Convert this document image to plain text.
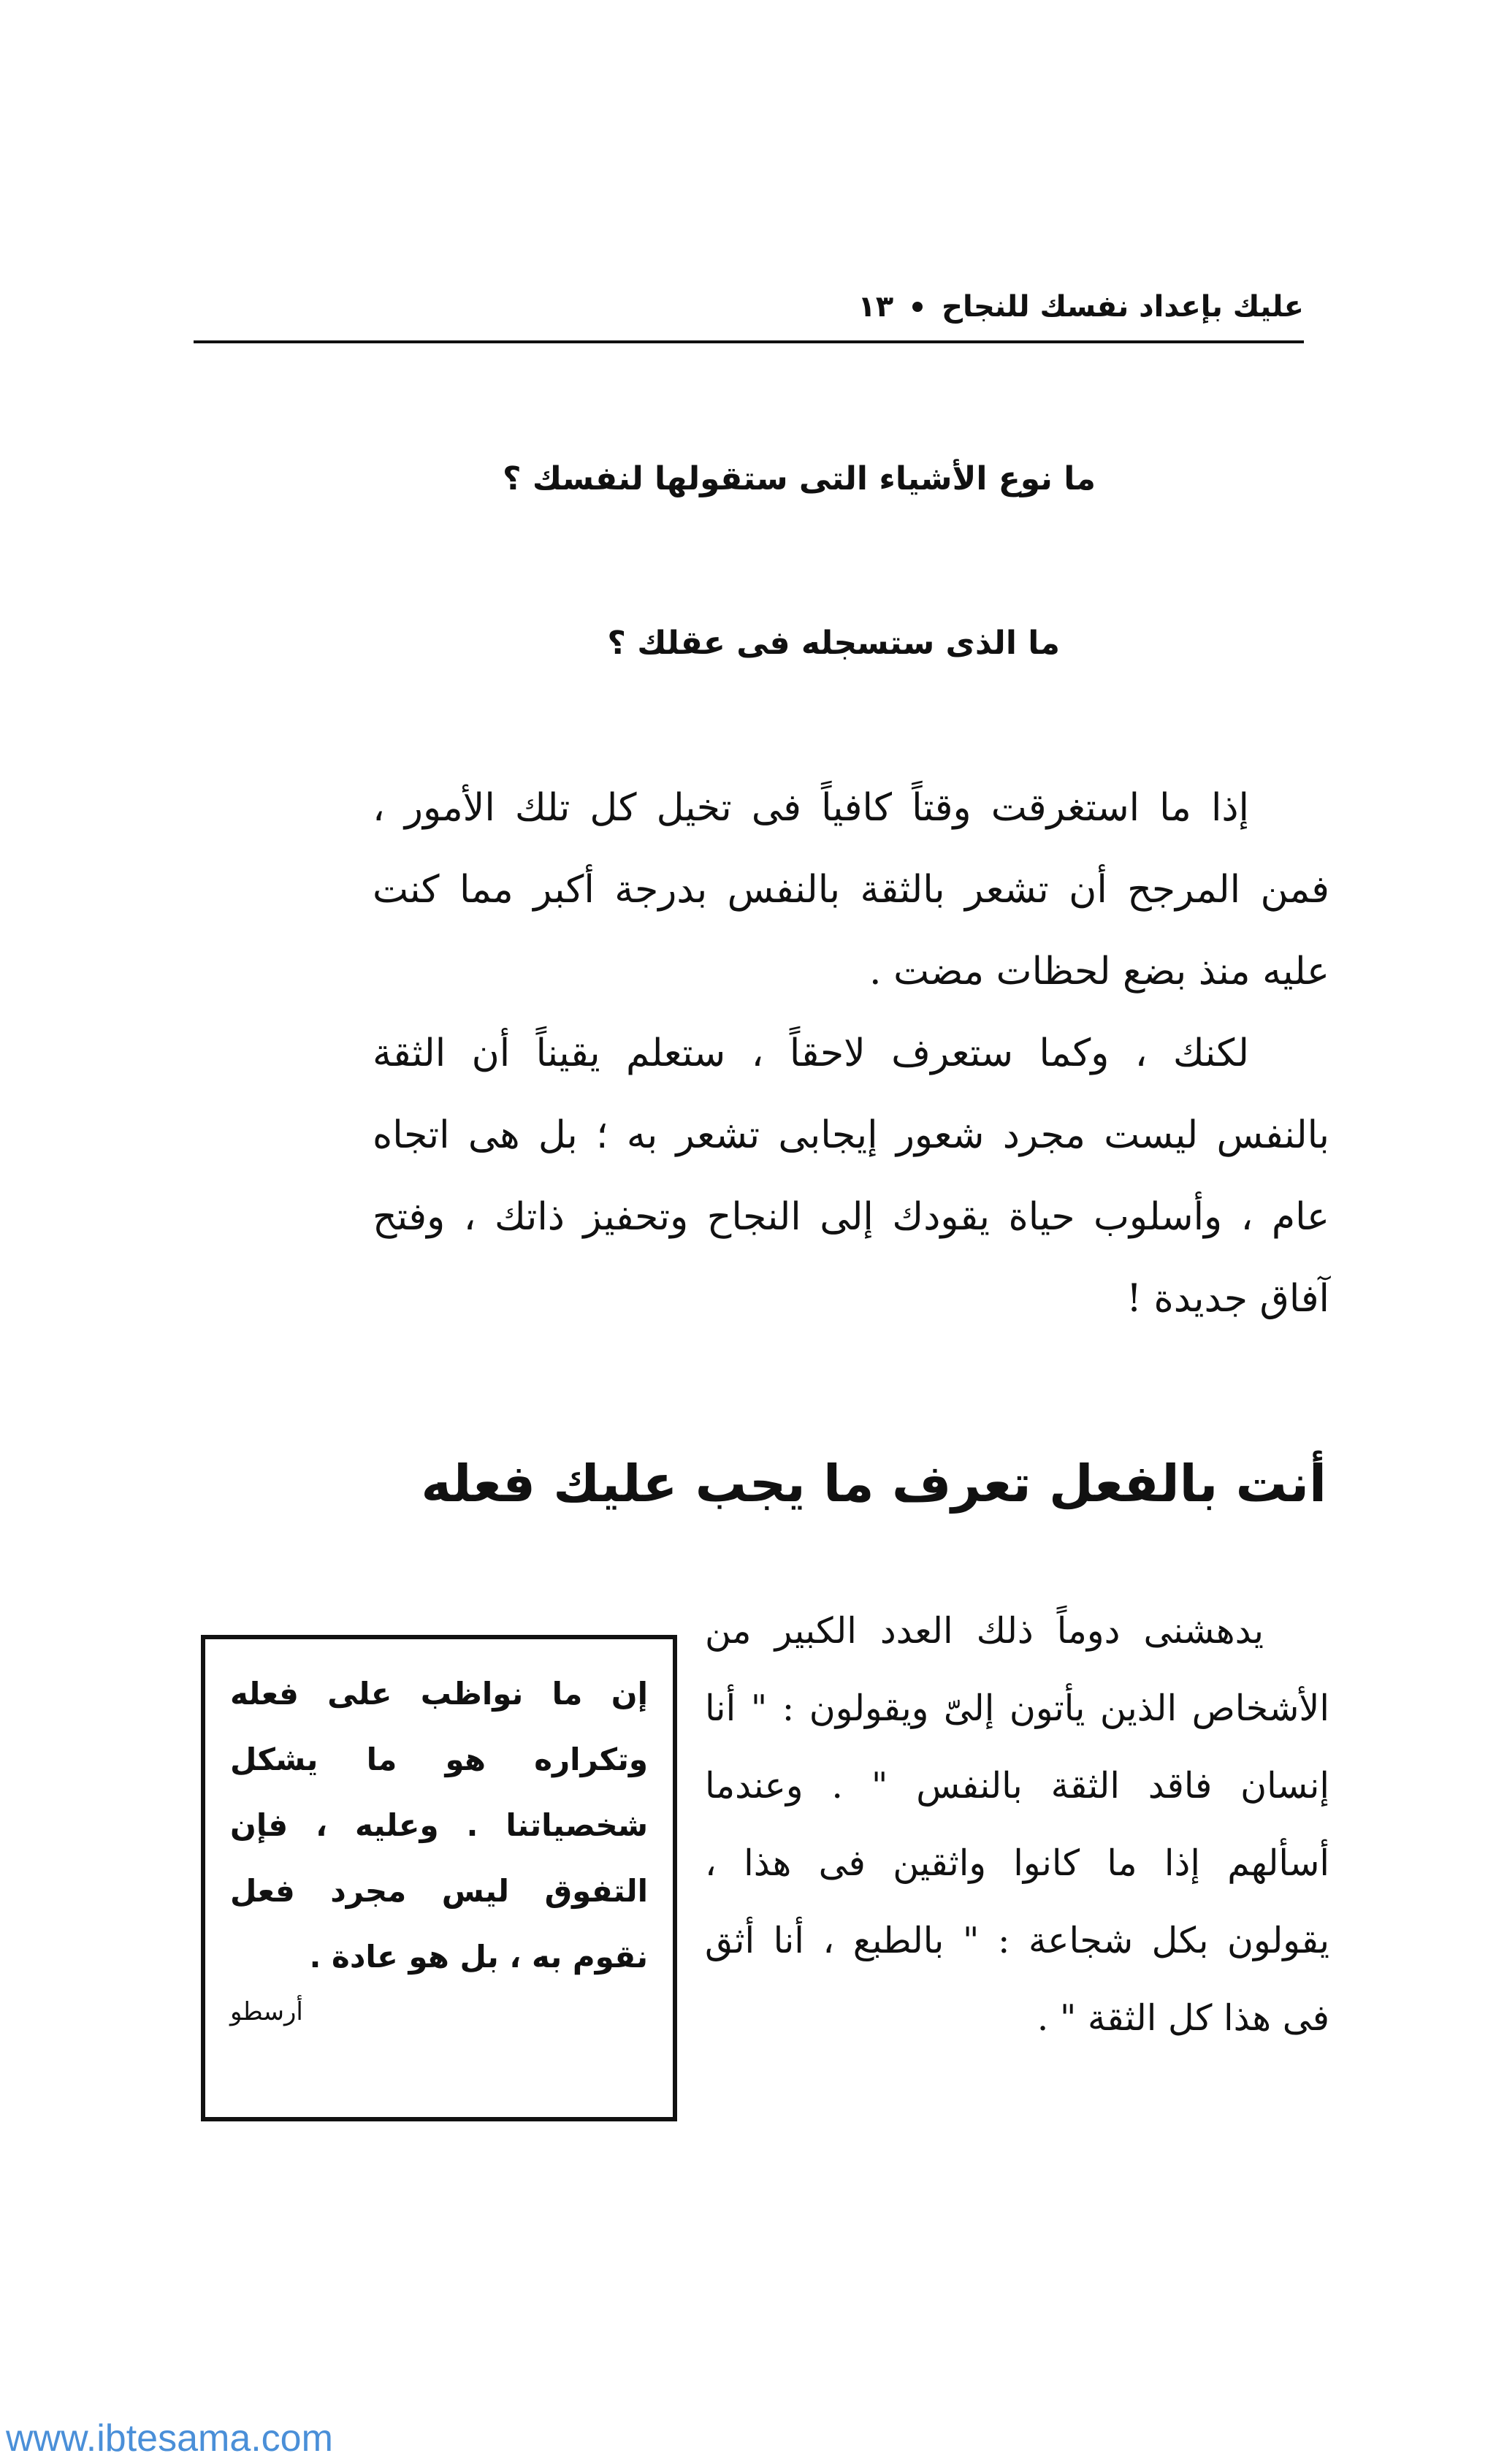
عليك بإعداد نفسك للنجاح
١٣
ما نوع الأشياء التى ستقولها لنفسك ؟
ما الذى ستسجله فى عقلك ؟

إذا ما استغرقت وقتاً كافياً فى تخيل كل تلك الأمور ، فمن المرجح أن تشعر بالثقة بالنفس بدرجة أكبر مما كنت عليه منذ بضع لحظات مضت .

لكنك ، وكما ستعرف لاحقاً ، ستعلم يقيناً أن الثقة بالنفس ليست مجرد شعور إيجابى تشعر به ؛ بل هى اتجاه عام ، وأسلوب حياة يقودك إلى النجاح وتحفيز ذاتك ، وفتح آفاق جديدة !

أنت بالفعل تعرف ما يجب عليك فعله

يدهشنى دوماً ذلك العدد الكبير من الأشخاص الذين يأتون إلىّ ويقولون : " أنا إنسان فاقد الثقة بالنفس " . وعندما أسألهم إذا ما كانوا واثقين فى هذا ، يقولون بكل شجاعة : " بالطبع ، أنا أثق فى هذا كل الثقة " .

إن ما نواظب على فعله وتكراره هو ما يشكل شخصياتنا . وعليه ، فإن التفوق ليس مجرد فعل نقوم به ، بل هو عادة .

أرسطو
www.ibtesama.com
